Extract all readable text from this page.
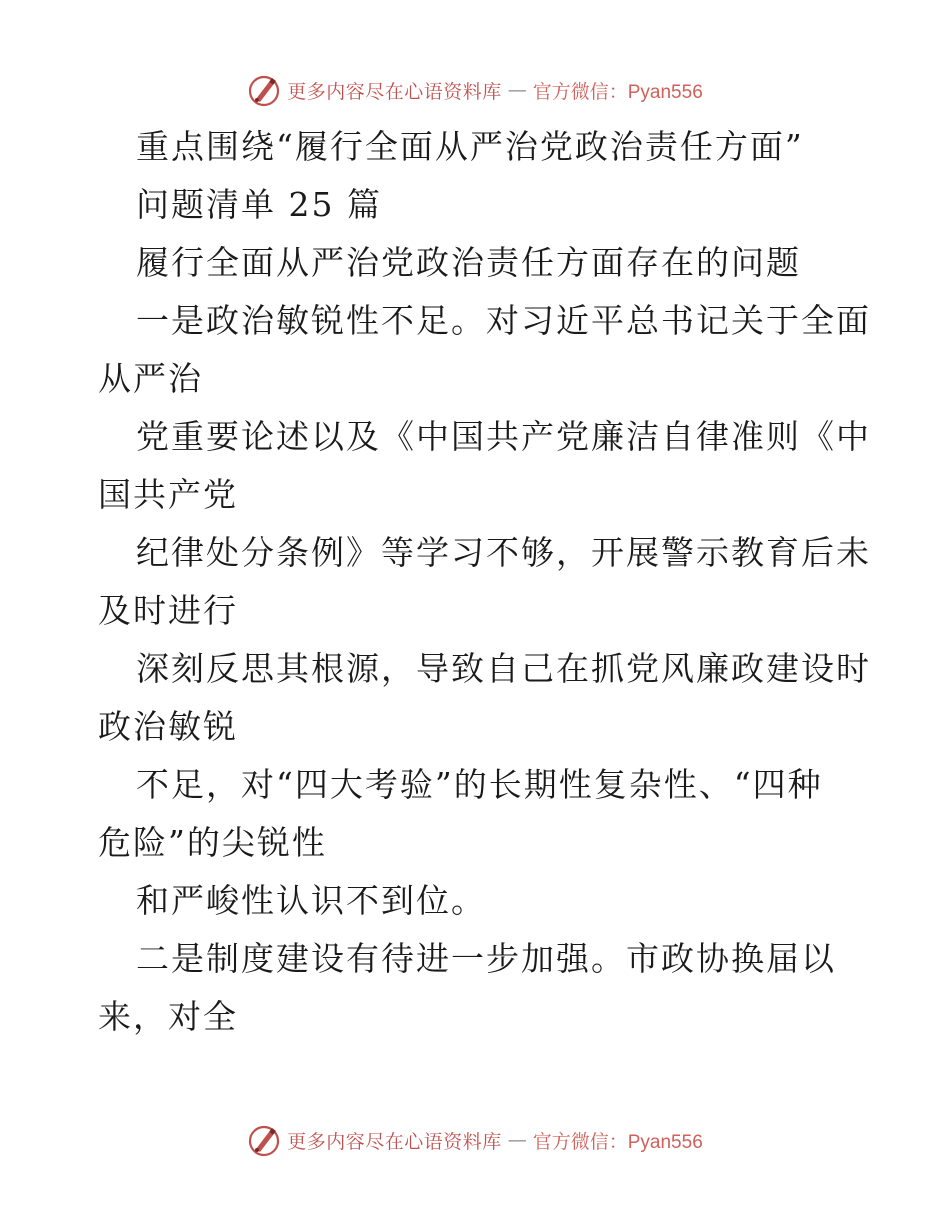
更多内容尽在心语资料库 — 官方微信：Pyan556
重点围绕“履行全面从严治党政治责任方面”
问题清单 25 篇
履行全面从严治党政治责任方面存在的问题
一是政治敏锐性不足。对习近平总书记关于全面
从严治
党重要论述以及《中国共产党廉洁自律准则《中
国共产党
纪律处分条例》等学习不够，开展警示教育后未
及时进行
深刻反思其根源，导致自己在抓党风廉政建设时
政治敏锐
不足，对“四大考验”的长期性复杂性、“四种
危险”的尖锐性
和严峻性认识不到位。
二是制度建设有待进一步加强。市政协换届以
来，对全
更多内容尽在心语资料库 — 官方微信：Pyan556
